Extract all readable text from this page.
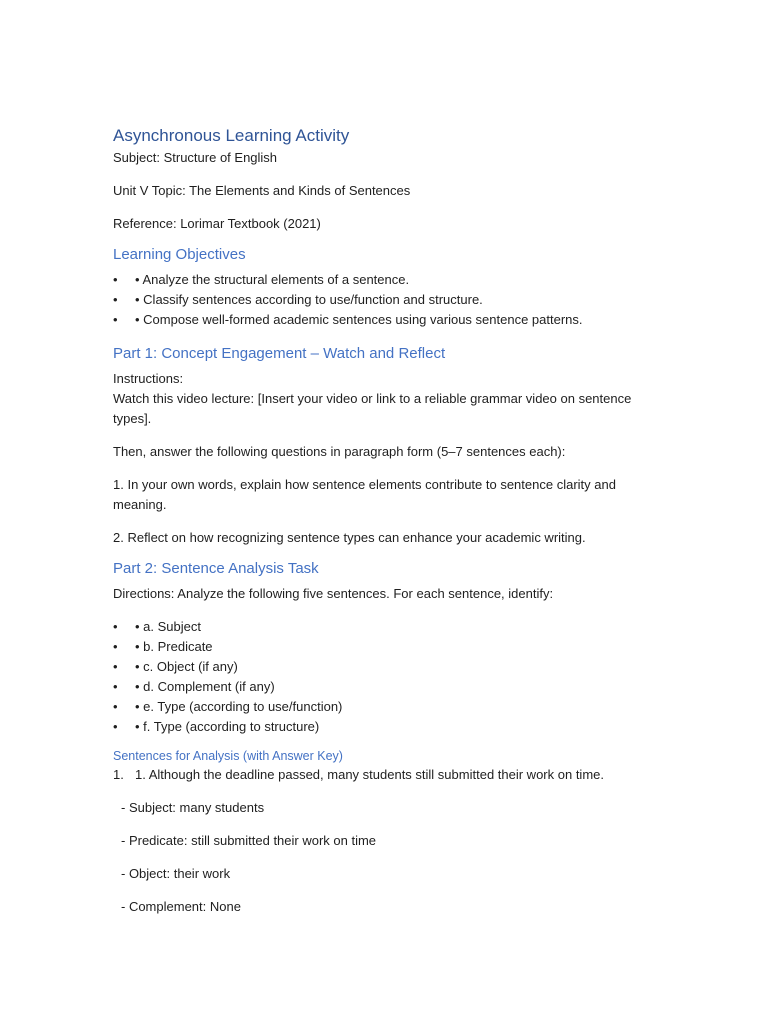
Asynchronous Learning Activity

Subject: Structure of English

Unit V Topic: The Elements and Kinds of Sentences

Reference: Lorimar Textbook (2021)

Learning Objectives
•	• Analyze the structural elements of a sentence.
•	• Classify sentences according to use/function and structure.
•	• Compose well-formed academic sentences using various sentence patterns.
Part 1: Concept Engagement – Watch and Reflect

Instructions:

Watch this video lecture: [Insert your video or link to a reliable grammar video on sentence types].

Then, answer the following questions in paragraph form (5–7 sentences each):

1. In your own words, explain how sentence elements contribute to sentence clarity and meaning.

2. Reflect on how recognizing sentence types can enhance your academic writing.

Part 2: Sentence Analysis Task

Directions: Analyze the following five sentences. For each sentence, identify:

•	• a. Subject
•	• b. Predicate
•	• c. Object (if any)
•	• d. Complement (if any)
•	• e. Type (according to use/function)
•	• f. Type (according to structure)
Sentences for Analysis (with Answer Key)
1. 1. Although the deadline passed, many students still submitted their work on time.

- Subject: many students

- Predicate: still submitted their work on time

- Object: their work

- Complement: None
